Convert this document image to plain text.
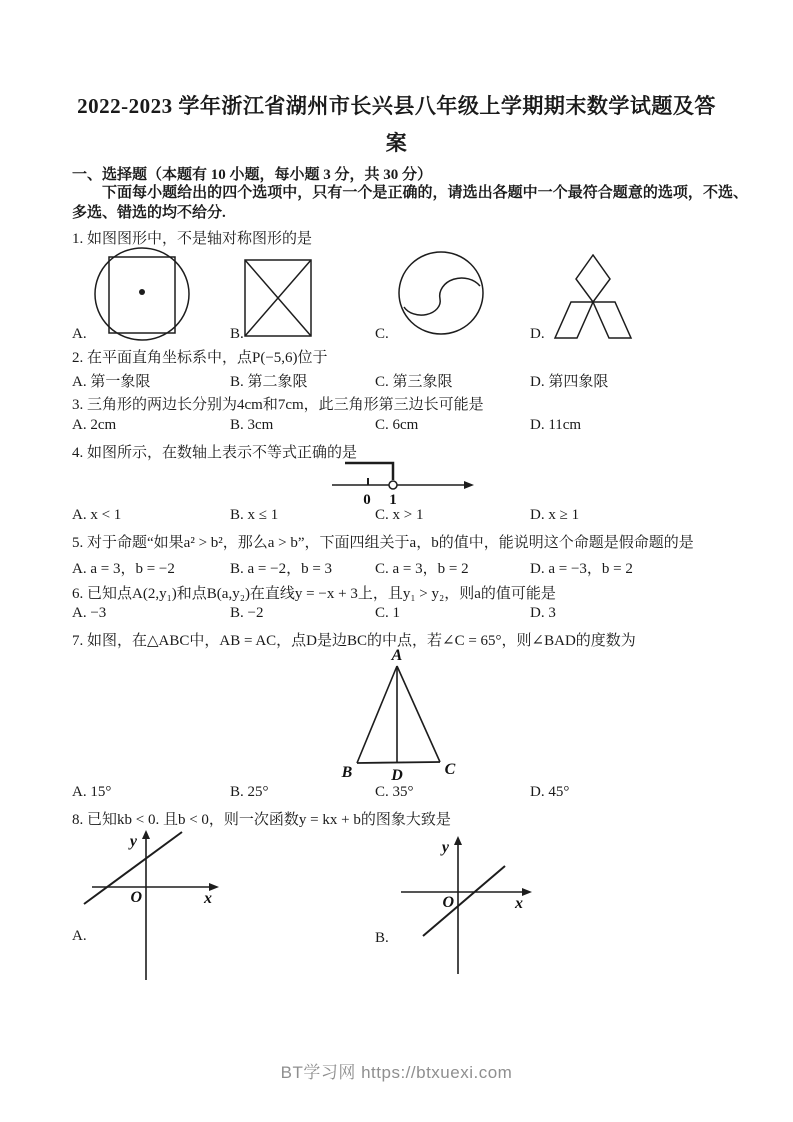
2022-2023 学年浙江省湖州市长兴县八年级上学期期末数学试题及答
案
一、选择题（本题有 10 小题，每小题 3 分，共 30 分）
下面每小题给出的四个选项中，只有一个是正确的，请选出各题中一个最符合题意的选项，不选、多选、错选的均不给分.
1. 如图图形中，不是轴对称图形的是
A.	B.	C.	D.
2. 在平面直角坐标系中，点P(−5,6)位于
A. 第一象限	B. 第二象限	C. 第三象限	D. 第四象限
3. 三角形的两边长分别为4cm和7cm，此三角形第三边长可能是
A. 2cm	B. 3cm	C. 6cm	D. 11cm
4. 如图所示，在数轴上表示不等式正确的是
0 1
A. x < 1	B. x ≤ 1	C. x > 1	D. x ≥ 1
5. 对于命题“如果a² > b²，那么a > b”，下面四组关于a，b的值中，能说明这个命题是假命题的是
A. a = 3，b = −2	B. a = −2，b = 3	C. a = 3，b = 2	D. a = −3，b = 2
6. 已知点A(2,y₁)和点B(a,y₂)在直线y = −x + 3上，且y₁ > y₂，则a的值可能是
A. −3	B. −2	C. 1	D. 3
7. 如图，在△ABC中，AB = AC，点D是边BC的中点，若∠C = 65°，则∠BAD的度数为
A
B	C
D
A. 15°	B. 25°	C. 35°	D. 45°
8. 已知kb < 0. 且b < 0，则一次函数y = kx + b的图象大致是
y
O	x
A.
y
O	x
B.
BT学习网 https://btxuexi.com
